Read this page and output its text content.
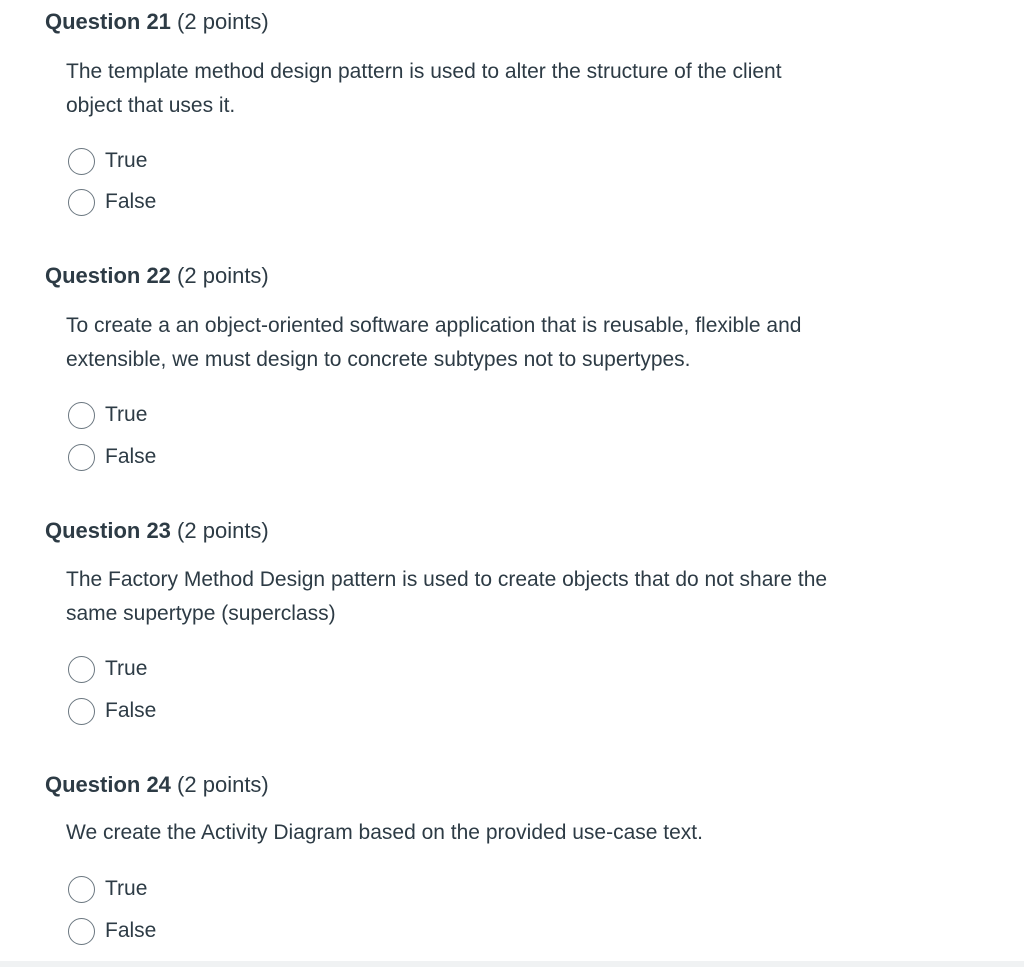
Question 21 (2 points)
The template method design pattern is used to alter the structure of the client
object that uses it.
True
False
Question 22 (2 points)
To create a an object-oriented software application that is reusable, flexible and
extensible, we must design to concrete subtypes not to supertypes.
True
False
Question 23 (2 points)
The Factory Method Design pattern is used to create objects that do not share the
same supertype (superclass)
True
False
Question 24 (2 points)
We create the Activity Diagram based on the provided use-case text.
True
False
